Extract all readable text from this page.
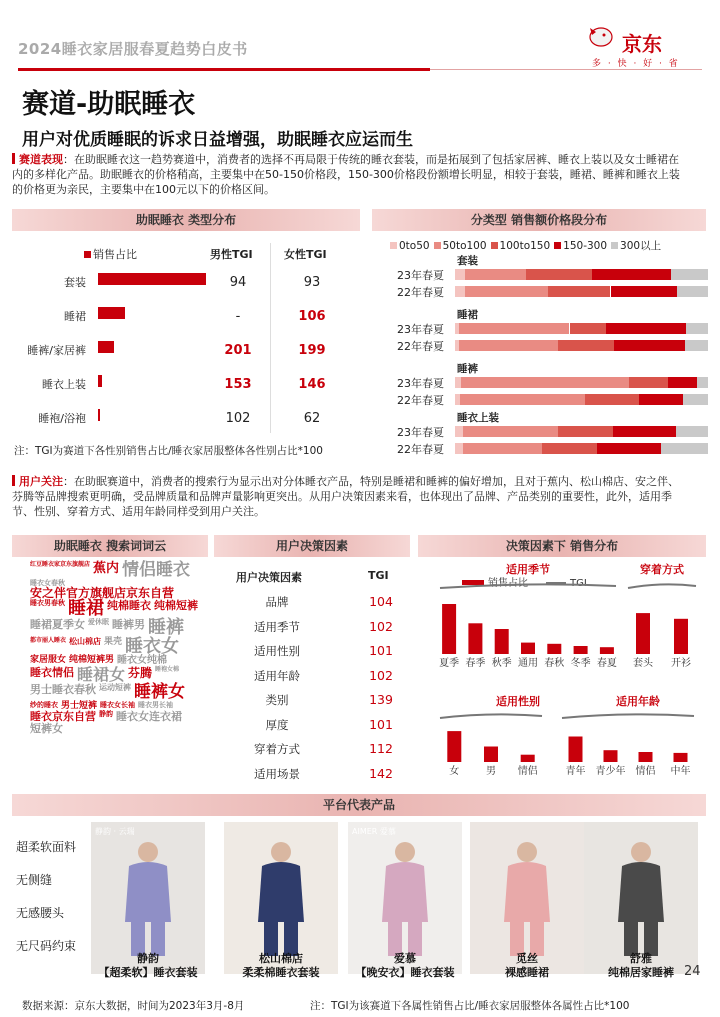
2024睡衣家居服春夏趋势白皮书	京东
多 · 快 · 好 · 省
赛道-助眠睡衣
用户对优质睡眠的诉求日益增强，助眠睡衣应运而生
赛道表现：在助眠睡衣这一趋势赛道中，消费者的选择不再局限于传统的睡衣套装，而是拓展到了包括家居裤、睡衣上装以及女士睡裙在内的多样化产品。助眠睡衣的价格稍高，主要集中在50-150价格段，150-300价格段份额增长明显，相较于套装，睡裙、睡裤和睡衣上装的价格更为亲民，主要集中在100元以下的价格区间。
助眠睡衣 类型分布
销售占比	男性TGI	女性TGI
注：TGI为赛道下各性别销售占比/睡衣家居服整体各性别占比*100
分类型 销售额价格段分布
0to50 50to100 100to150 150-300 300以上
用户关注：在助眠赛道中，消费者的搜索行为显示出对分体睡衣产品，特别是睡裙和睡裤的偏好增加，且对于蕉内、松山棉店、安之伴、芬腾等品牌搜索更明确，受品牌质量和品牌声量影响更突出。从用户决策因素来看，也体现出了品牌、产品类别的重要性，此外，适用季节、性别、穿着方式、适用年龄同样受到用户关注。
助眠睡衣 搜索词词云
红豆睡衣家京东旗舰店 蕉内 情侣睡衣
睡衣女春秋
安之伴官方旗舰店京东自营
睡衣男春秋 睡裙 纯棉睡衣 纯棉短裤
睡裙夏季女 爱休眠 睡裤男 睡裤
都市丽人睡衣 松山棉店 果壳 睡衣女
家居服女 纯棉短裤男 睡衣女纯棉
睡衣情侣 睡裙女 芬腾 睡袍女棉
男士睡衣春秋 运动短裤 睡裤女
纱的睡衣 男士短裤 睡衣女长袖 睡衣男长袖
睡衣京东自营 静韵 睡衣女连衣裙
短裤女
用户决策因素
用户决策因素	TGI
决策因素下 销售分布
销售占比	TGI
适用季节
夏季 春季 秋季 通用 春秋 冬季 春夏
穿着方式
套头 开衫
适用性别
女	男 情侣
适用年龄
青年 青少年 情侣 中年
平台代表产品
超柔软面料
无侧缝
无感腰头
无尺码约束
静韵 · 云瑞
静韵
【超柔软】睡衣套装
松山棉店
柔柔棉睡衣套装
AIMER 爱慕
爱慕
【晚安衣】睡衣套装
觅丝
裸感睡裙
舒雅
纯棉居家睡裤 24
数据来源：京东大数据，时间为2023年3月-8月	注：TGI为该赛道下各属性销售占比/睡衣家居服整体各属性占比*100
套装	94	93
睡裙	-	106
睡裤/家居裤	201	199
睡衣上装	153	146
睡袍/浴袍	102	62
套装
23年春夏
22年春夏
睡裙
23年春夏
22年春夏
睡裤
23年春夏
22年春夏
睡衣上装
23年春夏
22年春夏
品牌	104
适用季节	102
适用性别	101
适用年龄	102
类别	139
厚度	101
穿着方式	112
适用场景	142
